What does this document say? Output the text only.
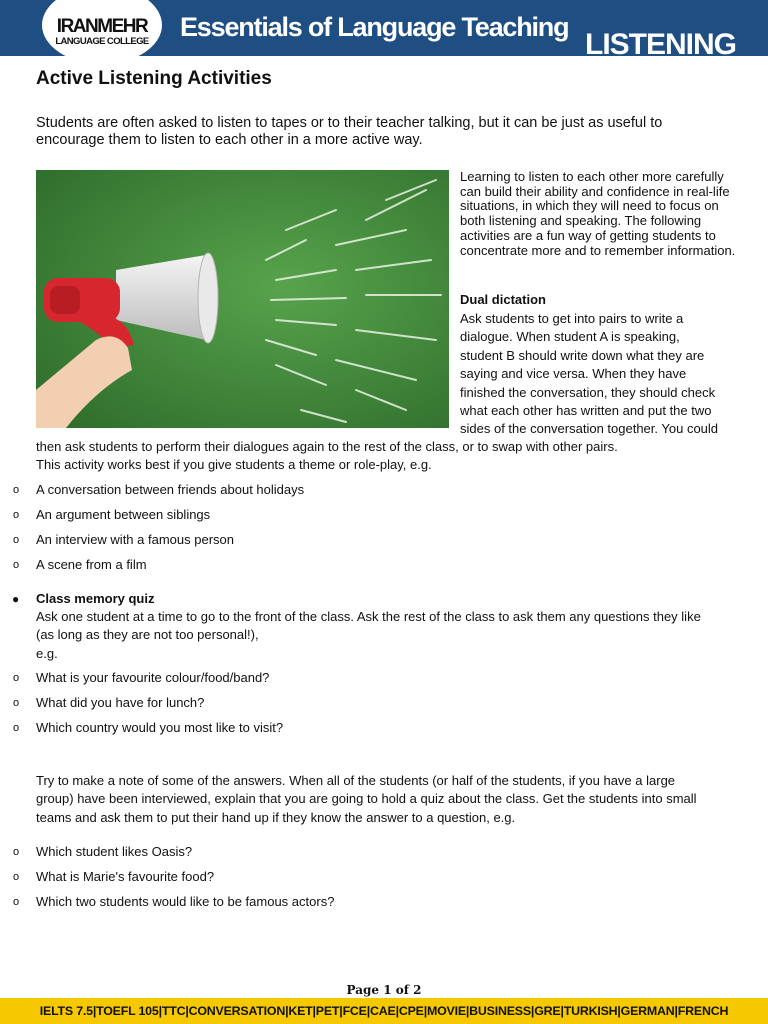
IRANMEHR
LANGUAGE COLLEGE	Essentials of Language Teaching
LISTENING
Active Listening Activities
Students are often asked to listen to tapes or to their teacher talking, but it can be just as useful to encourage them to listen to each other in a more active way.
Learning to listen to each other more carefully can build their ability and confidence in real-life situations, in which they will need to focus on both listening and speaking. The following activities are a fun way of getting students to concentrate more and to remember information.
Dual dictation
Ask students to get into pairs to write a
dialogue. When student A is speaking,
student B should write down what they are
saying and vice versa. When they have
finished the conversation, they should check
what each other has written and put the two
sides of the conversation together. You could
then ask students to perform their dialogues again to the rest of the class, or to swap with other pairs.
This activity works best if you give students a theme or role-play, e.g.
o A conversation between friends about holidays
o An argument between siblings
o An interview with a famous person
o A scene from a film
● Class memory quiz
Ask one student at a time to go to the front of the class. Ask the rest of the class to ask them any questions they like
(as long as they are not too personal!),
e.g.
o What is your favourite colour/food/band?
o What did you have for lunch?
o Which country would you most like to visit?
Try to make a note of some of the answers. When all of the students (or half of the students, if you have a large
group) have been interviewed, explain that you are going to hold a quiz about the class. Get the students into small
teams and ask them to put their hand up if they know the answer to a question, e.g.
o Which student likes Oasis?
o What is Marie's favourite food?
o Which two students would like to be famous actors?
Page 1 of 2
IELTS 7.5|TOEFL 105|TTC|CONVERSATION|KET|PET|FCE|CAE|CPE|MOVIE|BUSINESS|GRE|TURKISH|GERMAN|FRENCH
